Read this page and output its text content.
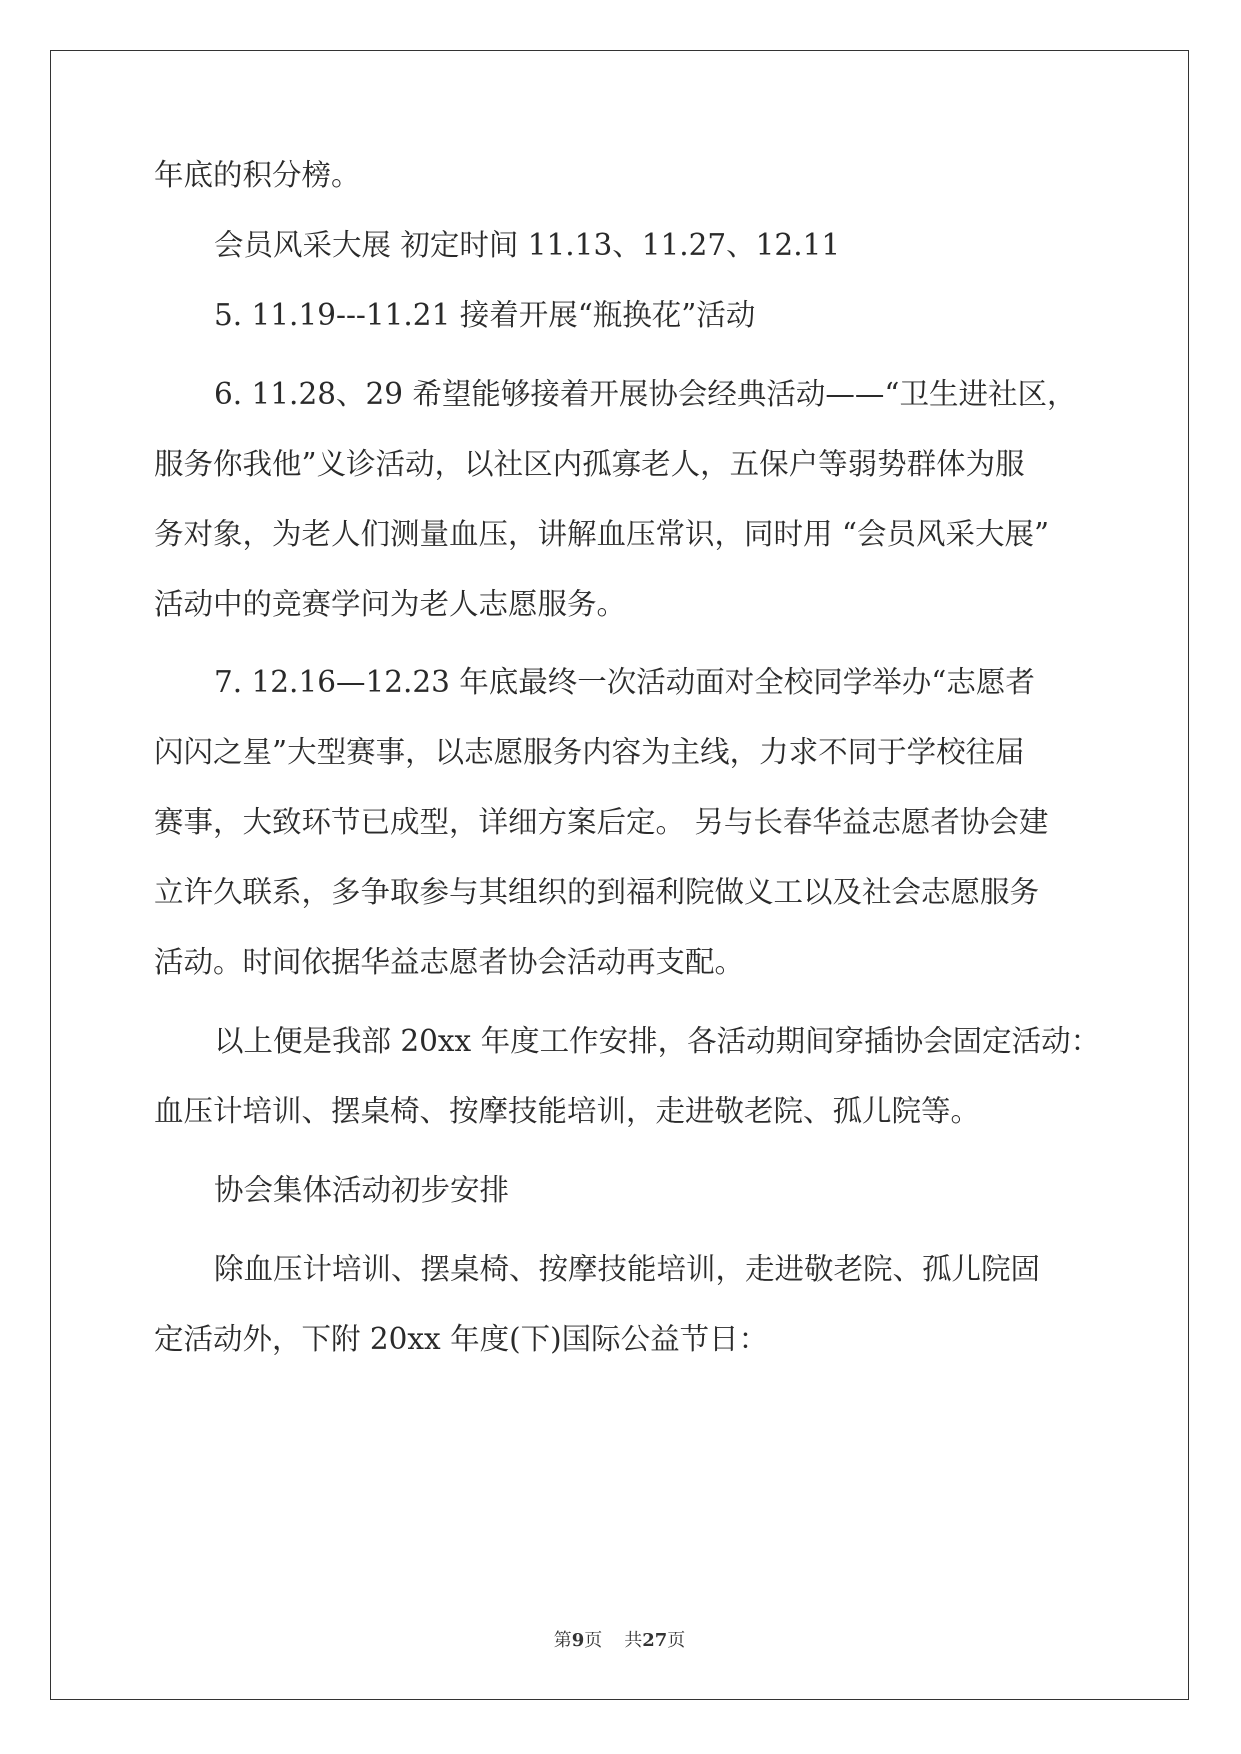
年底的积分榜。
会员风采大展 初定时间 11.13、11.27、12.11
5. 11.19---11.21 接着开展“瓶换花”活动
6. 11.28、29 希望能够接着开展协会经典活动——“卫生进社区，
服务你我他”义诊活动，以社区内孤寡老人，五保户等弱势群体为服
务对象，为老人们测量血压，讲解血压常识，同时用 “会员风采大展”
活动中的竞赛学问为老人志愿服务。
7. 12.16—12.23 年底最终一次活动面对全校同学举办“志愿者
闪闪之星”大型赛事，以志愿服务内容为主线，力求不同于学校往届
赛事，大致环节已成型，详细方案后定。 另与长春华益志愿者协会建
立许久联系，多争取参与其组织的到福利院做义工以及社会志愿服务
活动。时间依据华益志愿者协会活动再支配。
以上便是我部 20xx 年度工作安排，各活动期间穿插协会固定活动：
血压计培训、摆桌椅、按摩技能培训，走进敬老院、孤儿院等。
协会集体活动初步安排
除血压计培训、摆桌椅、按摩技能培训，走进敬老院、孤儿院固
定活动外，下附 20xx 年度(下)国际公益节日：
第9页 共27页
